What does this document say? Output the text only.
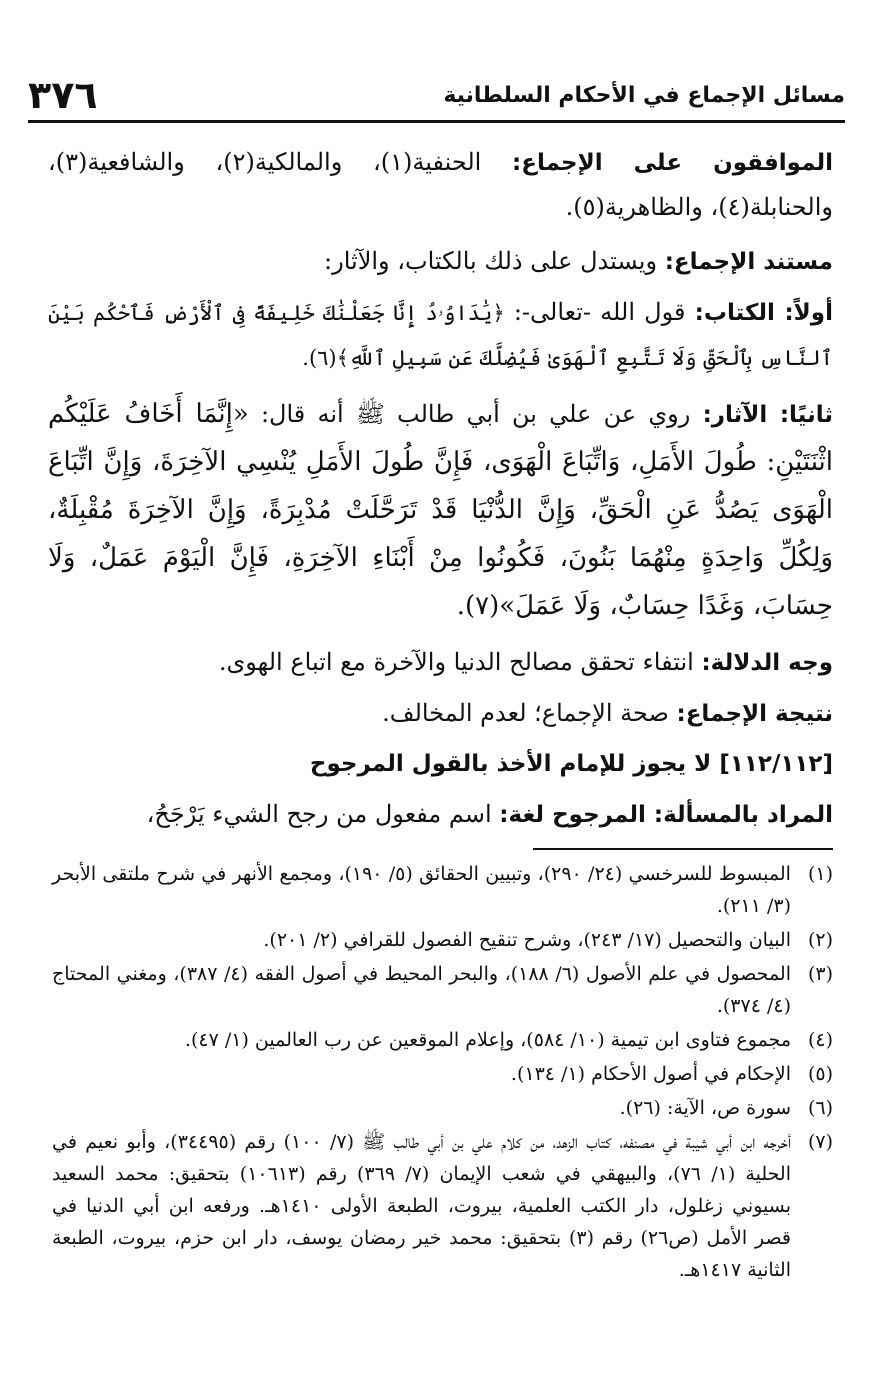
مسائل الإجماع في الأحكام السلطانية
٣٧٦

الموافقون على الإجماع: الحنفية(١)، والمالكية(٢)، والشافعية(٣)، والحنابلة(٤)، والظاهرية(٥).

مستند الإجماع: ويستدل على ذلك بالكتاب، والآثار:

أولاً: الكتاب: قول الله -تعالى-: ﴿يَٰدَاوُۥدُ إِنَّا جَعَلْنَٰكَ خَلِيفَةً فِى ٱلْأَرْضِ فَٱحْكُم بَيْنَ ٱلنَّاسِ بِٱلْحَقِّ وَلَا تَتَّبِعِ ٱلْهَوَىٰ فَيُضِلَّكَ عَن سَبِيلِ ٱللَّهِ﴾(٦).

ثانيًا: الآثار: روي عن علي بن أبي طالب ﷺ أنه قال: «إِنَّمَا أَخَافُ عَلَيْكُم اثْنَتَيْنِ: طُولَ الأَمَلِ، وَاتِّبَاعَ الْهَوَى، فَإِنَّ طُولَ الأَمَلِ يُنْسِي الآخِرَةَ، وَإِنَّ اتِّبَاعَ الْهَوَى يَصُدُّ عَنِ الْحَقِّ، وَإِنَّ الدُّنْيَا قَدْ تَرَحَّلَتْ مُدْبِرَةً، وَإِنَّ الآخِرَةَ مُقْبِلَةٌ، وَلِكُلِّ وَاحِدَةٍ مِنْهُمَا بَنُونَ، فَكُونُوا مِنْ أَبْنَاءِ الآخِرَةِ، فَإِنَّ الْيَوْمَ عَمَلٌ، وَلَا حِسَابَ، وَغَدًا حِسَابٌ، وَلَا عَمَلَ»(٧).

وجه الدلالة: انتفاء تحقق مصالح الدنيا والآخرة مع اتباع الهوى.

نتيجة الإجماع: صحة الإجماع؛ لعدم المخالف.

[١١٢/١١٢] لا يجوز للإمام الأخذ بالقول المرجوح

المراد بالمسألة: المرجوح لغة: اسم مفعول من رجح الشيء يَرْجَحُ،

(١)
المبسوط للسرخسي (٢٤/ ٢٩٠)، وتبيين الحقائق (٥/ ١٩٠)، ومجمع الأنهر في شرح ملتقى الأبحر (٣/ ٢١١).
(٢)
البيان والتحصيل (١٧/ ٢٤٣)، وشرح تنقيح الفصول للقرافي (٢/ ٢٠١).
(٣)
المحصول في علم الأصول (٦/ ١٨٨)، والبحر المحيط في أصول الفقه (٤/ ٣٨٧)، ومغني المحتاج (٤/ ٣٧٤).
(٤)
مجموع فتاوى ابن تيمية (١٠/ ٥٨٤)، وإعلام الموقعين عن رب العالمين (١/ ٤٧).
(٥)
الإحكام في أصول الأحكام (١/ ١٣٤).
(٦)
سورة ص، الآية: (٢٦).
(٧)
أخرجه ابن أبي شيبة في مصنفه، كتاب الزهد، من كلام علي بن أبي طالب ﷺ (٧/ ١٠٠) رقم (٣٤٤٩٥)، وأبو نعيم في الحلية (١/ ٧٦)، والبيهقي في شعب الإيمان (٧/ ٣٦٩) رقم (١٠٦١٣) بتحقيق: محمد السعيد بسيوني زغلول، دار الكتب العلمية، بيروت، الطبعة الأولى ١٤١٠هـ. ورفعه ابن أبي الدنيا في قصر الأمل (ص٢٦) رقم (٣) بتحقيق: محمد خير رمضان يوسف، دار ابن حزم، بيروت، الطبعة الثانية ١٤١٧هـ.
